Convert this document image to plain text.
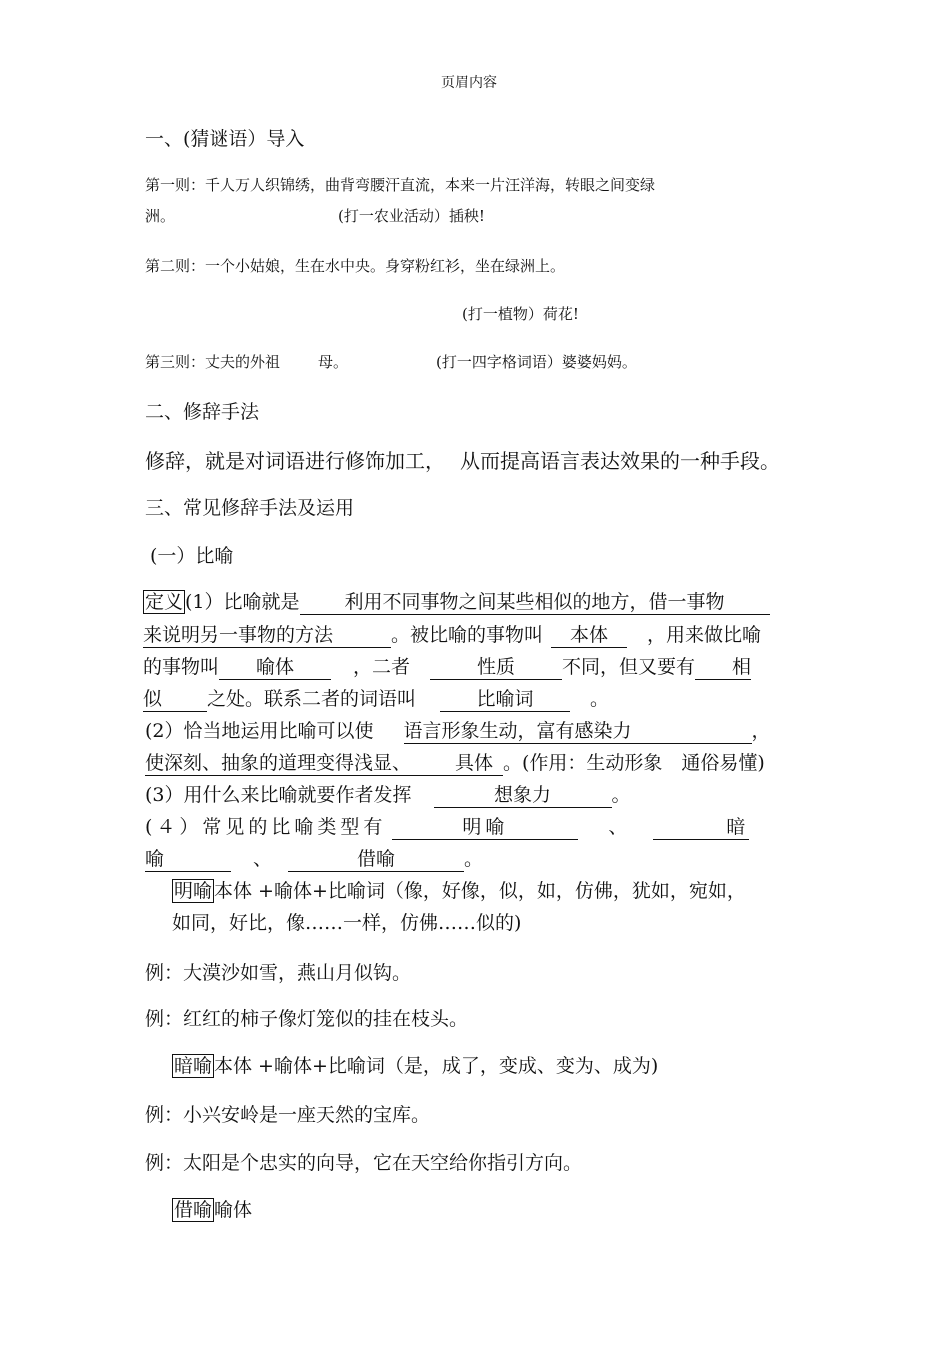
页眉内容
一、(猜谜语）导入
第一则：千人万人织锦绣，曲背弯腰汗直流，本来一片汪洋海，转眼之间变绿
洲。	(打一农业活动）插秧!
第二则：一个小姑娘，生在水中央。身穿粉红衫，坐在绿洲上。
(打一植物）荷花!
第三则：丈夫的外祖	母。	(打一四字格词语）婆婆妈妈。
二、修辞手法
修辞，就是对词语进行修饰加工， 从而提高语言表达效果的一种手段。
三、常见修辞手法及运用
(一）比喻
定义 (1）比喻就是 利用不同事物之间某些相似的地方，借一事物
来说明另一事物的方法	。被比喻的事物叫 本体 ，用来做比喻
的事物叫 喻体	，二者	性质 不同，但又要有 相
似 之处。联系二者的词语叫	比喻词	。
(2）恰当地运用比喻可以使 语言形象生动，富有感染力	，
使深刻、抽象的道理变得浅显、 具体 。(作用：生动形象　通俗易懂)
(3）用什么来比喻就要作者发挥	想象力	。
(４）常见的比喻类型有	明喻	、	暗
喻	、	借喻	。
明喻 本体 +喻体+比喻词（像，好像，似，如，仿佛，犹如，宛如，
如同，好比，像……一样，仿佛……似的)
例：大漠沙如雪，燕山月似钩。
例：红红的柿子像灯笼似的挂在枝头。
暗喻 本体 +喻体+比喻词（是，成了，变成、变为、成为)
例：小兴安岭是一座天然的宝库。
例：太阳是个忠实的向导，它在天空给你指引方向。
借喻 喻体
